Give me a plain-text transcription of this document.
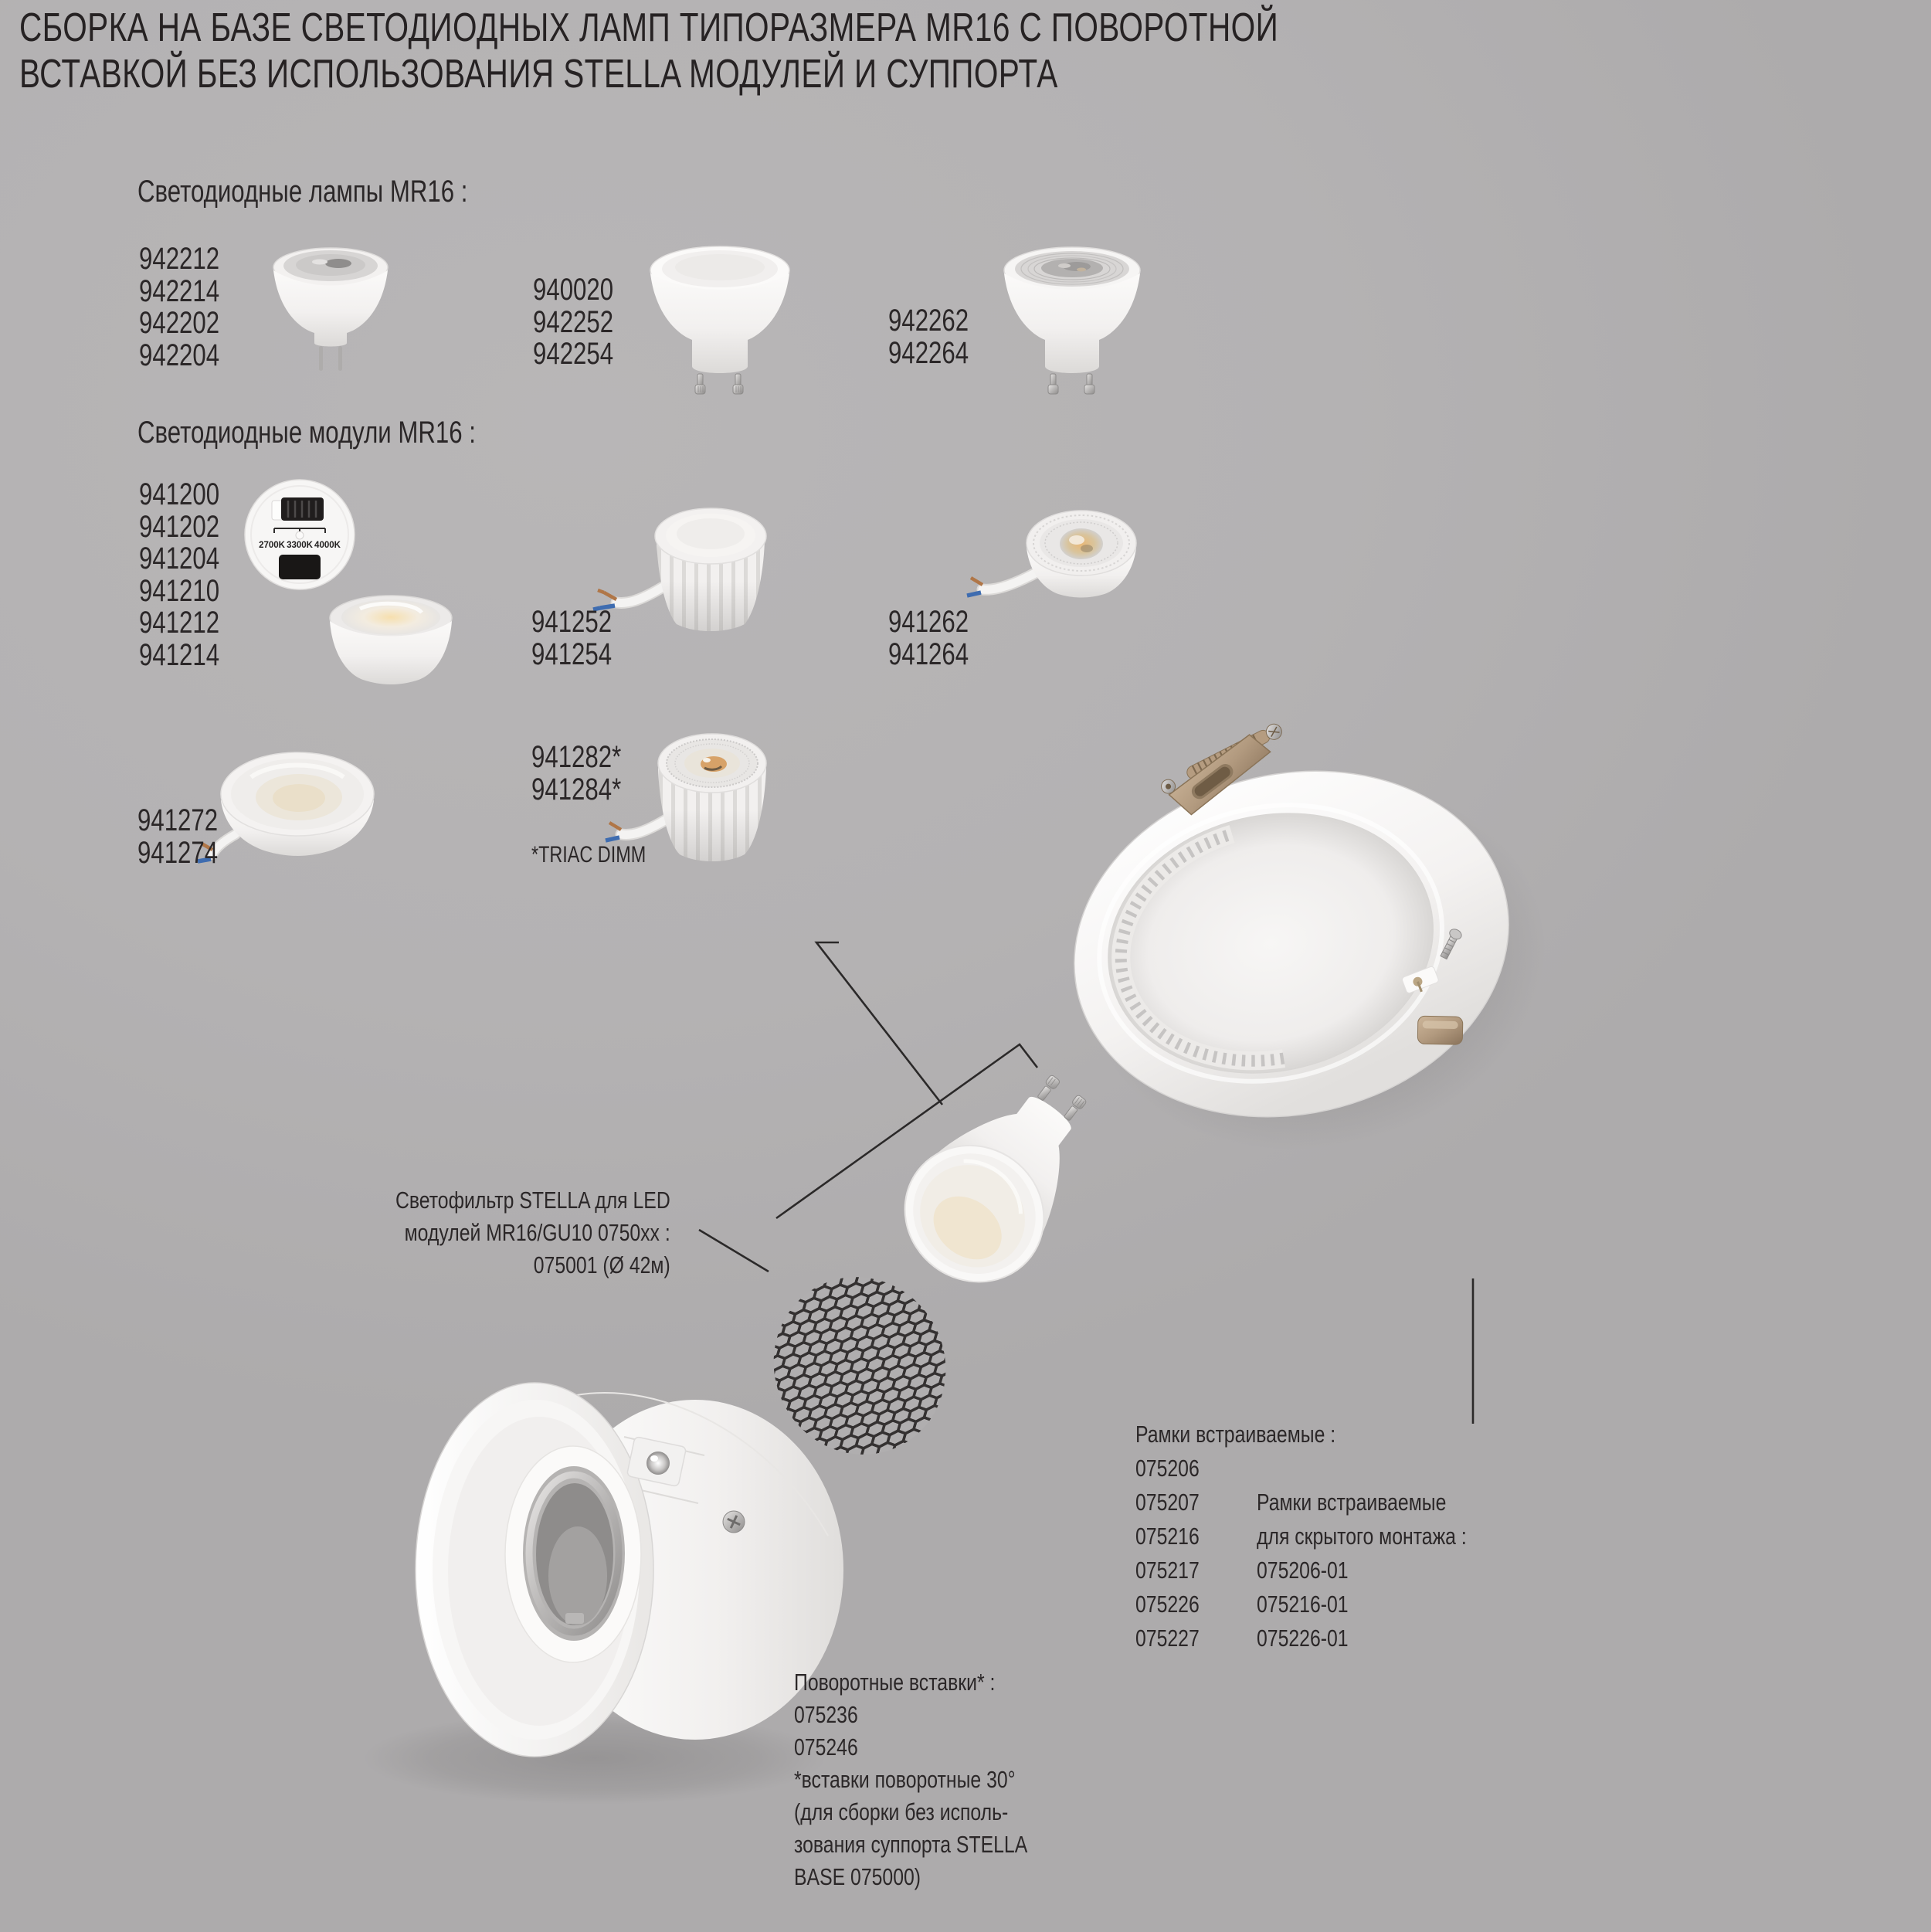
2700K 3300K 4000K
СБОРКА НА БАЗЕ СВЕТОДИОДНЫХ ЛАМП ТИПОРАЗМЕРА MR16 С ПОВОРОТНОЙ
ВСТАВКОЙ БЕЗ ИСПОЛЬЗОВАНИЯ STELLA МОДУЛЕЙ И СУППОРТА
Светодиодные лампы MR16 :
942212
942214
942202
942204
940020
942252
942254
942262
942264
Светодиодные модули MR16 :
941200
941202
941204
941210
941212
941214
941252
941254
941262
941264
941272
941274
941282*
941284*
*TRIAC DIMM
Светофильтр STELLA для LED
модулей MR16/GU10 0750xx :
075001 (Ø 42м)
Рамки встраиваемые :
075206
075207
075216
075217
075226
075227
Рамки встраиваемые
для скрытого монтажа :
075206-01
075216-01
075226-01
Поворотные вставки* :
075236
075246
*вставки поворотные 30°
(для сборки без исполь-
зования суппорта STELLA
BASE 075000)
